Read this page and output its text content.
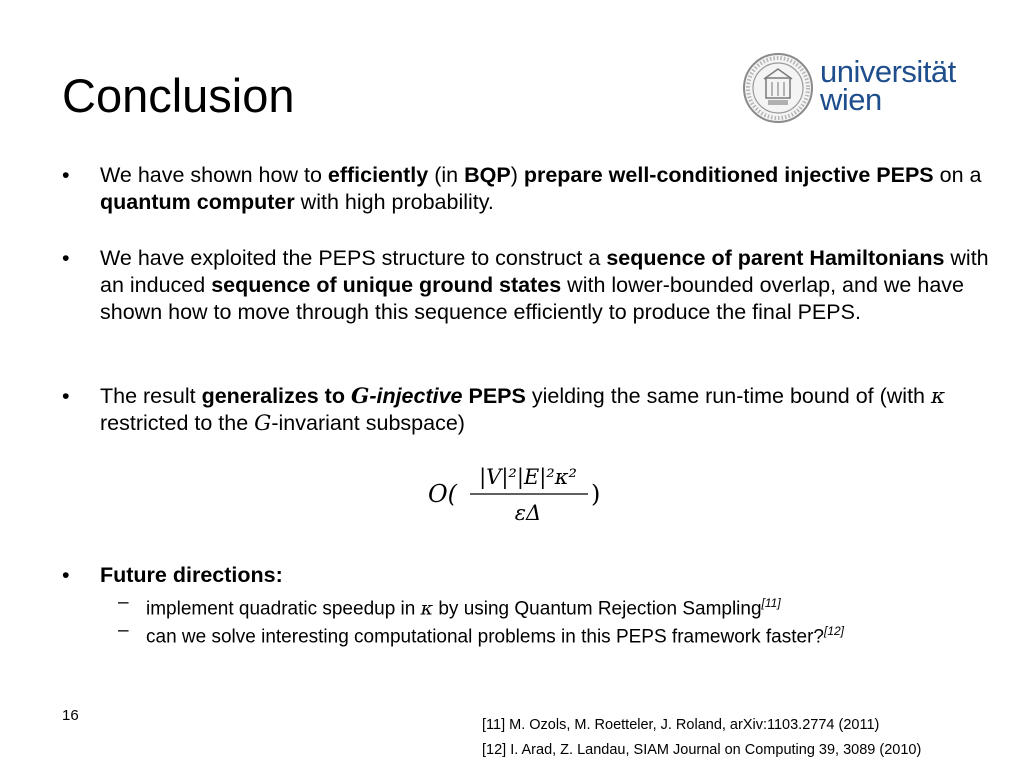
Conclusion	universität
wien
•	We have shown how to efficiently (in BQP) prepare well-conditioned injective PEPS on a quantum computer with high probability.
•	We have exploited the PEPS structure to construct a sequence of parent Hamiltonians with an induced sequence of unique ground states with lower-bounded overlap, and we have shown how to move through this sequence efficiently to produce the final PEPS.
•	The result generalizes to G-injective PEPS yielding the same run-time bound of (with κ restricted to the G-invariant subspace)
O(
|V|²|E|²κ²
εΔ
)
•	Future directions:
– implement quadratic speedup in κ by using Quantum Rejection Sampling[11]
– can we solve interesting computational problems in this PEPS framework faster?[12]
16
[11] M. Ozols, M. Roetteler, J. Roland, arXiv:1103.2774 (2011)
[12] I. Arad, Z. Landau, SIAM Journal on Computing 39, 3089 (2010)
